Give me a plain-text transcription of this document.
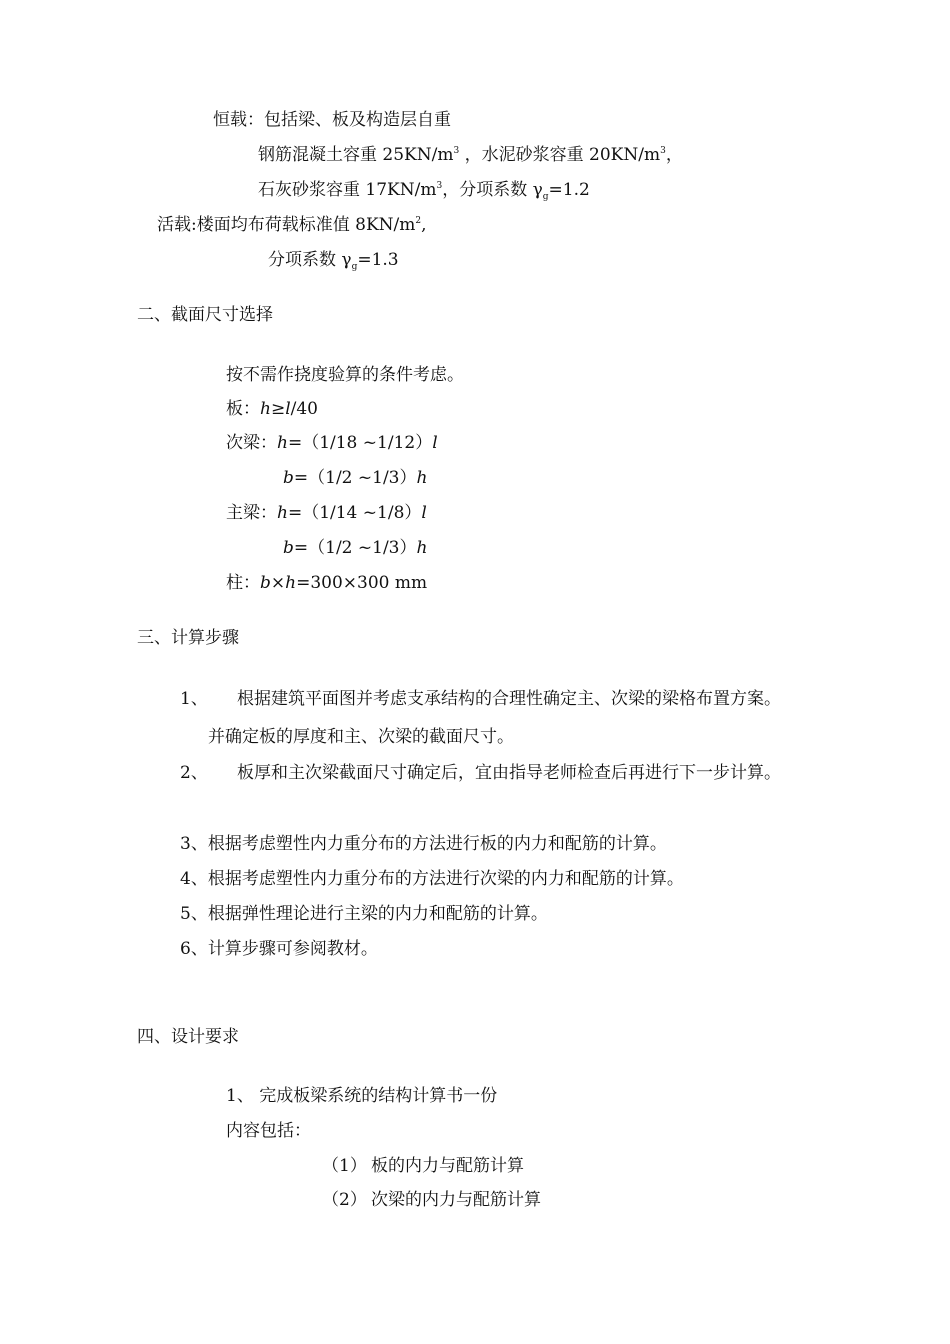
恒载：包括梁、板及构造层自重
钢筋混凝土容重 $25KN/m^3$ ，水泥砂浆容重 $20KN/m^3$，
石灰砂浆容重 $17KN/m^3$，分项系数 $\gamma_g=1.2$
活载:楼面均布荷载标准值 $8KN/m^2$,
分项系数 $\gamma_g=1.3$
二、截面尺寸选择
按不需作挠度验算的条件考虑。
板：h≥l/40
次梁：h=（1/18 ~1/12）l
b=（1/2 ~1/3）h
主梁：h=（1/14 ~1/8）l
b=（1/2 ~1/3）h
柱：b×h=300×300 mm
三、计算步骤
1、 根据建筑平面图并考虑支承结构的合理性确定主、次梁的梁格布置方案。
并确定板的厚度和主、次梁的截面尺寸。
2、 板厚和主次梁截面尺寸确定后，宜由指导老师检查后再进行下一步计算。
3、根据考虑塑性内力重分布的方法进行板的内力和配筋的计算。
4、根据考虑塑性内力重分布的方法进行次梁的内力和配筋的计算。
5、根据弹性理论进行主梁的内力和配筋的计算。
6、计算步骤可参阅教材。
四、设计要求
1、 完成板梁系统的结构计算书一份
内容包括：
（1） 板的内力与配筋计算
（2） 次梁的内力与配筋计算
